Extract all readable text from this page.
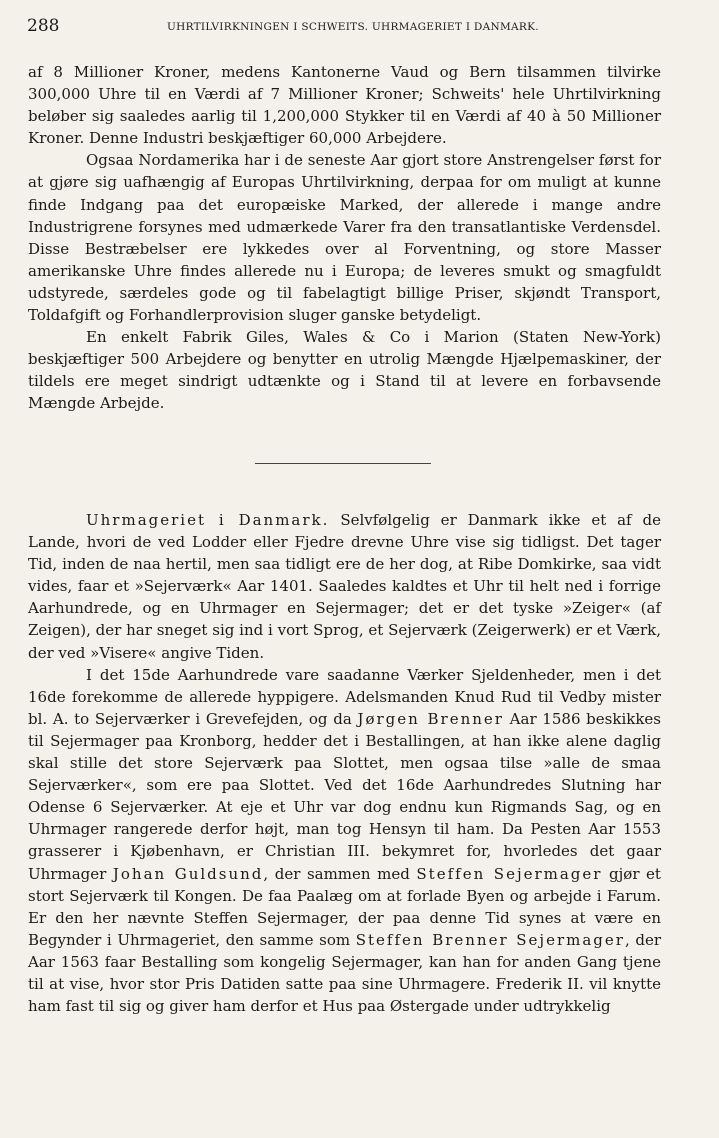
288	UHRTILVIRKNINGEN I SCHWEITS. UHRMAGERIET I DANMARK.

af 8 Millioner Kroner, medens Kantonerne Vaud og Bern tilsammen tilvirke 300,000 Uhre til en Værdi af 7 Millioner Kroner; Schweits' hele Uhrtilvirkning beløber sig saaledes aarlig til 1,200,000 Stykker til en Værdi af 40 à 50 Millioner Kroner. Denne Industri beskjæftiger 60,000 Arbejdere.

Ogsaa Nordamerika har i de seneste Aar gjort store Anstrengelser først for at gjøre sig uafhængig af Europas Uhrtilvirkning, derpaa for om muligt at kunne finde Indgang paa det europæiske Marked, der allerede i mange andre Industrigrene forsynes med udmærkede Varer fra den transatlantiske Verdensdel. Disse Bestræbelser ere lykkedes over al Forventning, og store Masser amerikanske Uhre findes allerede nu i Europa; de leveres smukt og smagfuldt udstyrede, særdeles gode og til fabelagtigt billige Priser, skjøndt Transport, Toldafgift og Forhandlerprovision sluger ganske betydeligt.

En enkelt Fabrik Giles, Wales & Co i Marion (Staten New-York) beskjæftiger 500 Arbejdere og benytter en utrolig Mængde Hjælpemaskiner, der tildels ere meget sindrigt udtænkte og i Stand til at levere en forbavsende Mængde Arbejde.

Uhrmageriet i Danmark. Selvfølgelig er Danmark ikke et af de Lande, hvori de ved Lodder eller Fjedre drevne Uhre vise sig tidligst. Det tager Tid, inden de naa hertil, men saa tidligt ere de her dog, at Ribe Domkirke, saa vidt vides, faar et »Sejerværk« Aar 1401. Saaledes kaldtes et Uhr til helt ned i forrige Aarhundrede, og en Uhrmager en Sejermager; det er det tyske »Zeiger« (af Zeigen), der har sneget sig ind i vort Sprog, et Sejerværk (Zeigerwerk) er et Værk, der ved »Visere« angive Tiden.

I det 15de Aarhundrede vare saadanne Værker Sjeldenheder, men i det 16de forekomme de allerede hyppigere. Adelsmanden Knud Rud til Vedby mister bl. A. to Sejerværker i Grevefejden, og da Jørgen Brenner Aar 1586 beskikkes til Sejermager paa Kronborg, hedder det i Bestallingen, at han ikke alene daglig skal stille det store Sejerværk paa Slottet, men ogsaa tilse »alle de smaa Sejerværker«, som ere paa Slottet. Ved det 16de Aarhundredes Slutning har Odense 6 Sejerværker. At eje et Uhr var dog endnu kun Rigmands Sag, og en Uhrmager rangerede derfor højt, man tog Hensyn til ham. Da Pesten Aar 1553 grasserer i Kjøbenhavn, er Christian III. bekymret for, hvorledes det gaar Uhrmager Johan Guldsund, der sammen med Steffen Sejermager gjør et stort Sejerværk til Kongen. De faa Paalæg om at forlade Byen og arbejde i Farum. Er den her nævnte Steffen Sejermager, der paa denne Tid synes at være en Begynder i Uhrmageriet, den samme som Steffen Brenner Sejermager, der Aar 1563 faar Bestalling som kongelig Sejermager, kan han for anden Gang tjene til at vise, hvor stor Pris Datiden satte paa sine Uhrmagere. Frederik II. vil knytte ham fast til sig og giver ham derfor et Hus paa Østergade under udtrykkelig
